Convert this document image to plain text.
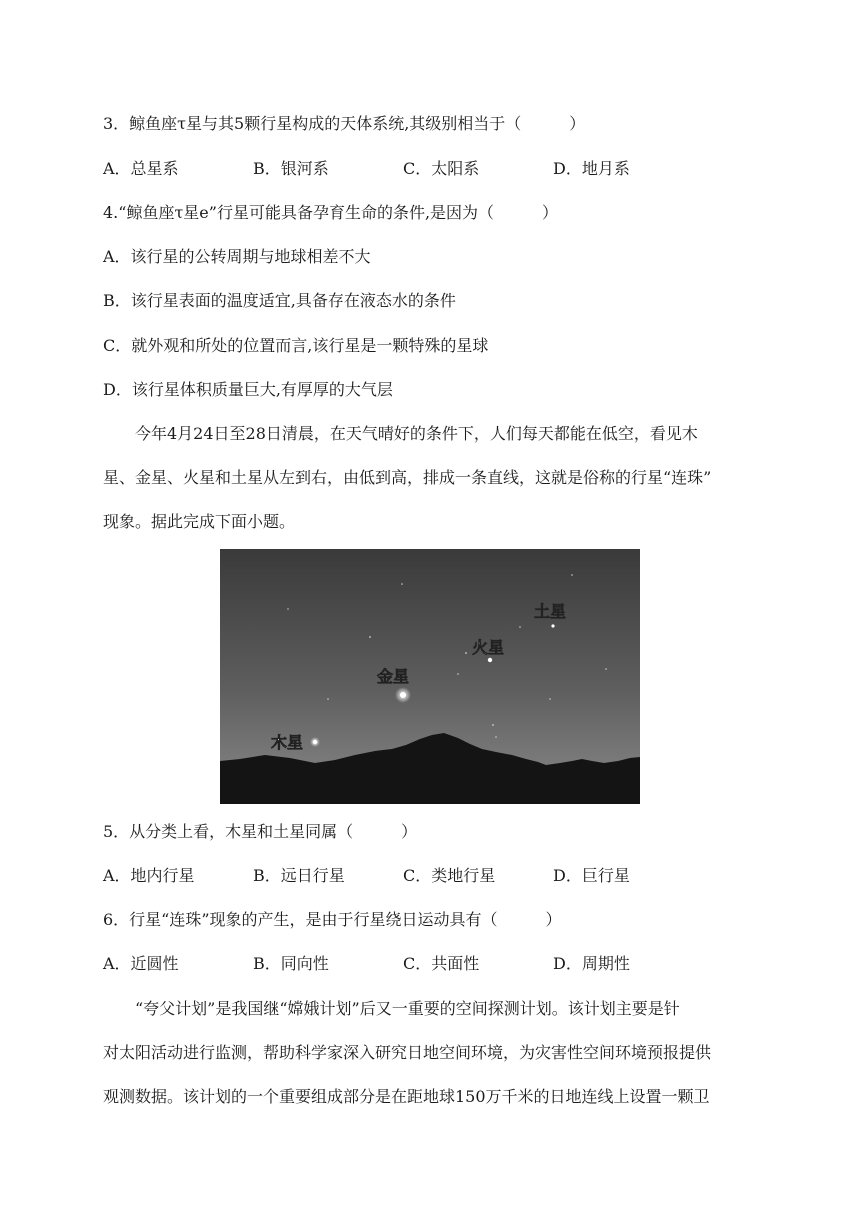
3．鲸鱼座τ星与其5颗行星构成的天体系统,其级别相当于（　　　）
A．总星系	B．银河系	C．太阳系	D．地月系
4.“鲸鱼座τ星e”行星可能具备孕育生命的条件,是因为（　　　）
A．该行星的公转周期与地球相差不大
B．该行星表面的温度适宜,具备存在液态水的条件
C．就外观和所处的位置而言,该行星是一颗特殊的星球
D．该行星体积质量巨大,有厚厚的大气层
　　今年4月24日至28日清晨，在天气晴好的条件下，人们每天都能在低空，看见木
星、金星、火星和土星从左到右，由低到高，排成一条直线，这就是俗称的行星“连珠”
现象。据此完成下面小题。
土星
火星
金星
木星
5．从分类上看，木星和土星同属（　　　）
A．地内行星	B．远日行星	C．类地行星	D．巨行星
6．行星“连珠”现象的产生，是由于行星绕日运动具有（　　　）
A．近圆性	B．同向性	C．共面性	D．周期性
　　“夸父计划”是我国继“嫦娥计划”后又一重要的空间探测计划。该计划主要是针
对太阳活动进行监测，帮助科学家深入研究日地空间环境，为灾害性空间环境预报提供
观测数据。该计划的一个重要组成部分是在距地球150万千米的日地连线上设置一颗卫
